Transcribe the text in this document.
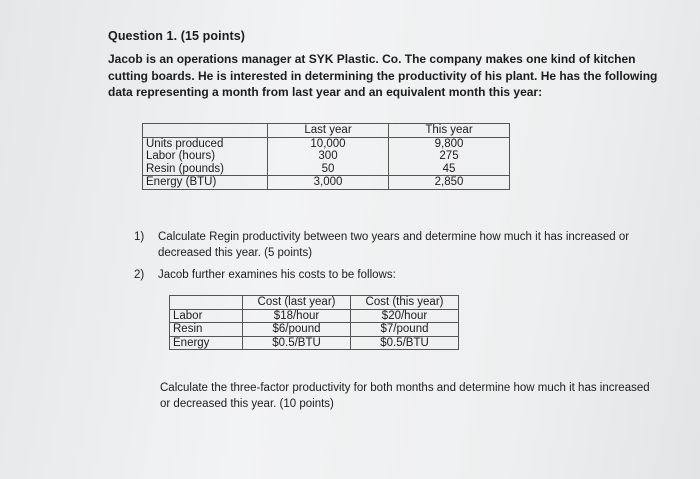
Question 1. (15 points)
Jacob is an operations manager at SYK Plastic. Co. The company makes one kind of kitchen cutting boards. He is interested in determining the productivity of his plant. He has the following data representing a month from last year and an equivalent month this year:
	Last year	This year
Units produced	10,000	9,800
Labor (hours)	300	275
Resin (pounds)	50	45
Energy (BTU)	3,000	2,850
1)	Calculate Regin productivity between two years and determine how much it has increased or decreased this year. (5 points)
2)	Jacob further examines his costs to be follows:
	Cost (last year)	Cost (this year)
Labor	$18/hour	$20/hour
Resin	$6/pound	$7/pound
Energy	$0.5/BTU	$0.5/BTU
Calculate the three-factor productivity for both months and determine how much it has increased or decreased this year. (10 points)
